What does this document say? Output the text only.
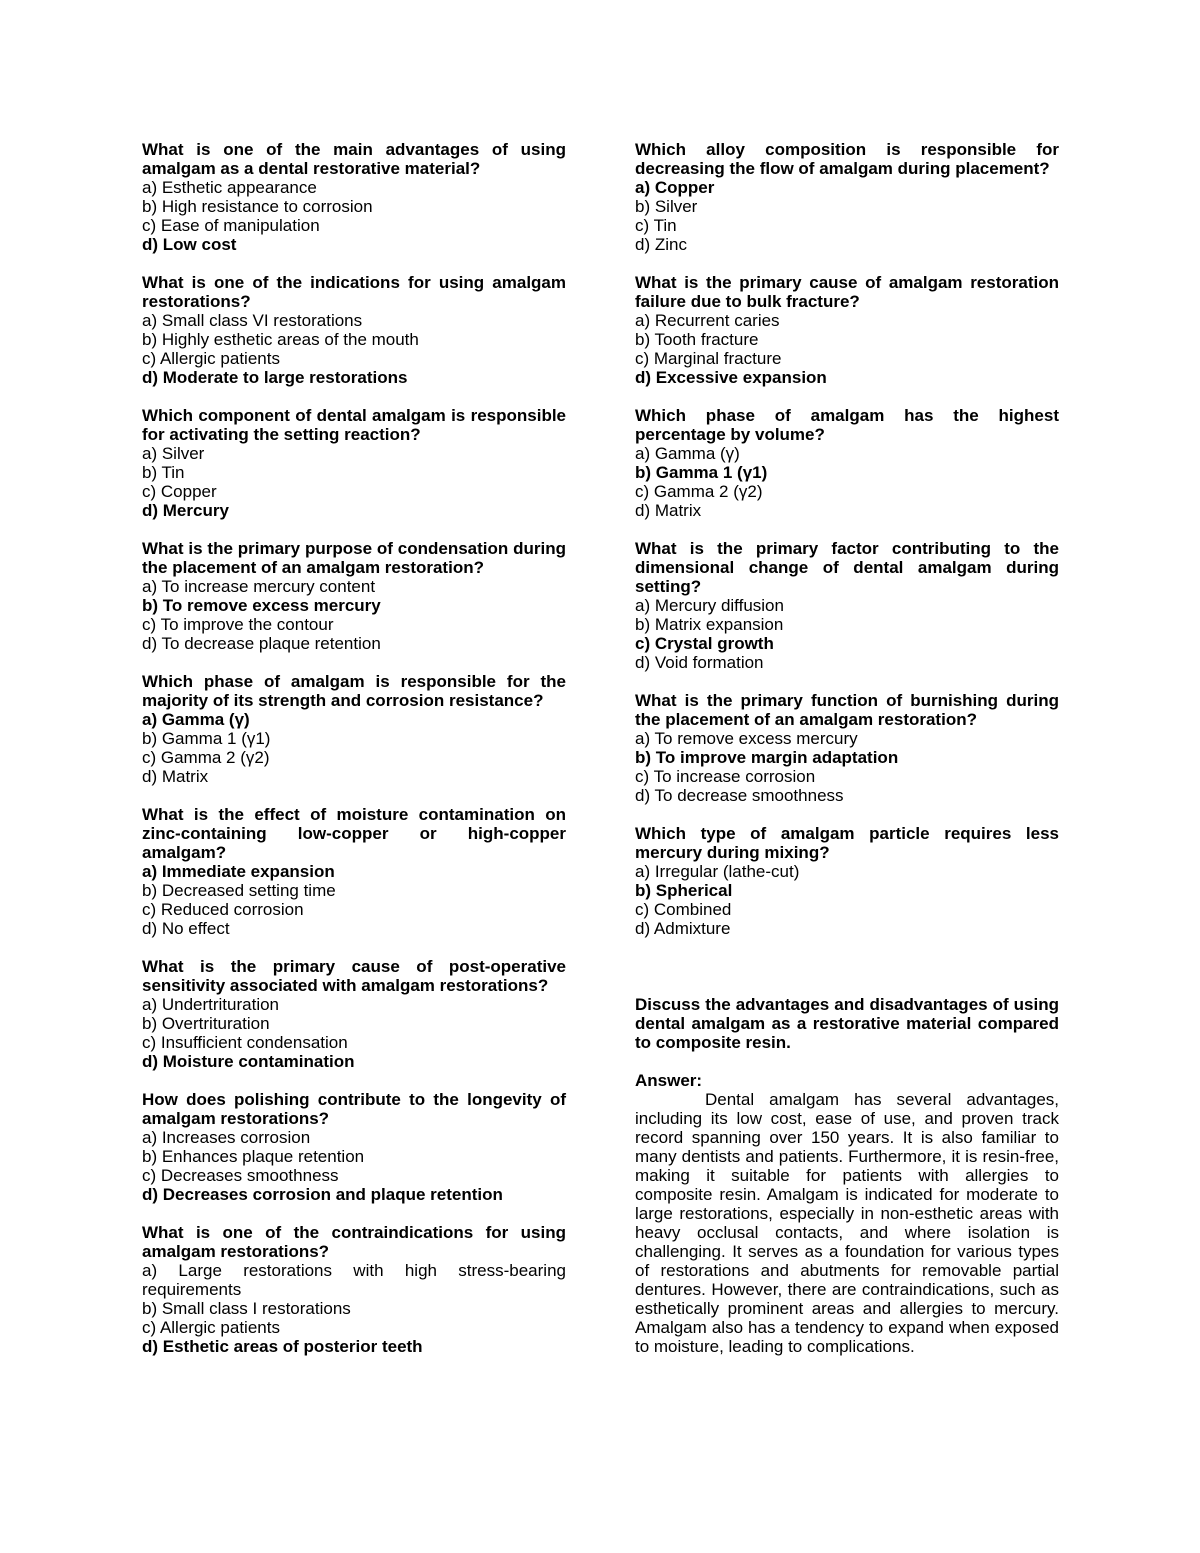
What is one of the main advantages of using amalgam as a dental restorative material?

a) Esthetic appearance

b) High resistance to corrosion

c) Ease of manipulation

d) Low cost

What is one of the indications for using amalgam restorations?

a) Small class VI restorations

b) Highly esthetic areas of the mouth

c) Allergic patients

d) Moderate to large restorations

Which component of dental amalgam is responsible for activating the setting reaction?

a) Silver

b) Tin

c) Copper

d) Mercury

What is the primary purpose of condensation during the placement of an amalgam restoration?

a) To increase mercury content

b) To remove excess mercury

c) To improve the contour

d) To decrease plaque retention

Which phase of amalgam is responsible for the majority of its strength and corrosion resistance?

a) Gamma (γ)

b) Gamma 1 (γ1)

c) Gamma 2 (γ2)

d) Matrix

What is the effect of moisture contamination on zinc-containing low-copper or high-copper amalgam?

a) Immediate expansion

b) Decreased setting time

c) Reduced corrosion

d) No effect

What is the primary cause of post-operative sensitivity associated with amalgam restorations?

a) Undertrituration

b) Overtrituration

c) Insufficient condensation

d) Moisture contamination

How does polishing contribute to the longevity of amalgam restorations?

a) Increases corrosion

b) Enhances plaque retention

c) Decreases smoothness

d) Decreases corrosion and plaque retention

What is one of the contraindications for using amalgam restorations?

a) Large restorations with high stress-bearing requirements

b) Small class I restorations

c) Allergic patients

d) Esthetic areas of posterior teeth

Which alloy composition is responsible for decreasing the flow of amalgam during placement?

a) Copper

b) Silver

c) Tin

d) Zinc

What is the primary cause of amalgam restoration failure due to bulk fracture?

a) Recurrent caries

b) Tooth fracture

c) Marginal fracture

d) Excessive expansion

Which phase of amalgam has the highest percentage by volume?

a) Gamma (γ)

b) Gamma 1 (γ1)

c) Gamma 2 (γ2)

d) Matrix

What is the primary factor contributing to the dimensional change of dental amalgam during setting?

a) Mercury diffusion

b) Matrix expansion

c) Crystal growth

d) Void formation

What is the primary function of burnishing during the placement of an amalgam restoration?

a) To remove excess mercury

b) To improve margin adaptation

c) To increase corrosion

d) To decrease smoothness

Which type of amalgam particle requires less mercury during mixing?

a) Irregular (lathe-cut)

b) Spherical

c) Combined

d) Admixture

Discuss the advantages and disadvantages of using dental amalgam as a restorative material compared to composite resin.

Answer:

Dental amalgam has several advantages, including its low cost, ease of use, and proven track record spanning over 150 years. It is also familiar to many dentists and patients. Furthermore, it is resin-free, making it suitable for patients with allergies to composite resin. Amalgam is indicated for moderate to large restorations, especially in non-esthetic areas with heavy occlusal contacts, and where isolation is challenging. It serves as a foundation for various types of restorations and abutments for removable partial dentures. However, there are contraindications, such as esthetically prominent areas and allergies to mercury. Amalgam also has a tendency to expand when exposed to moisture, leading to complications.
